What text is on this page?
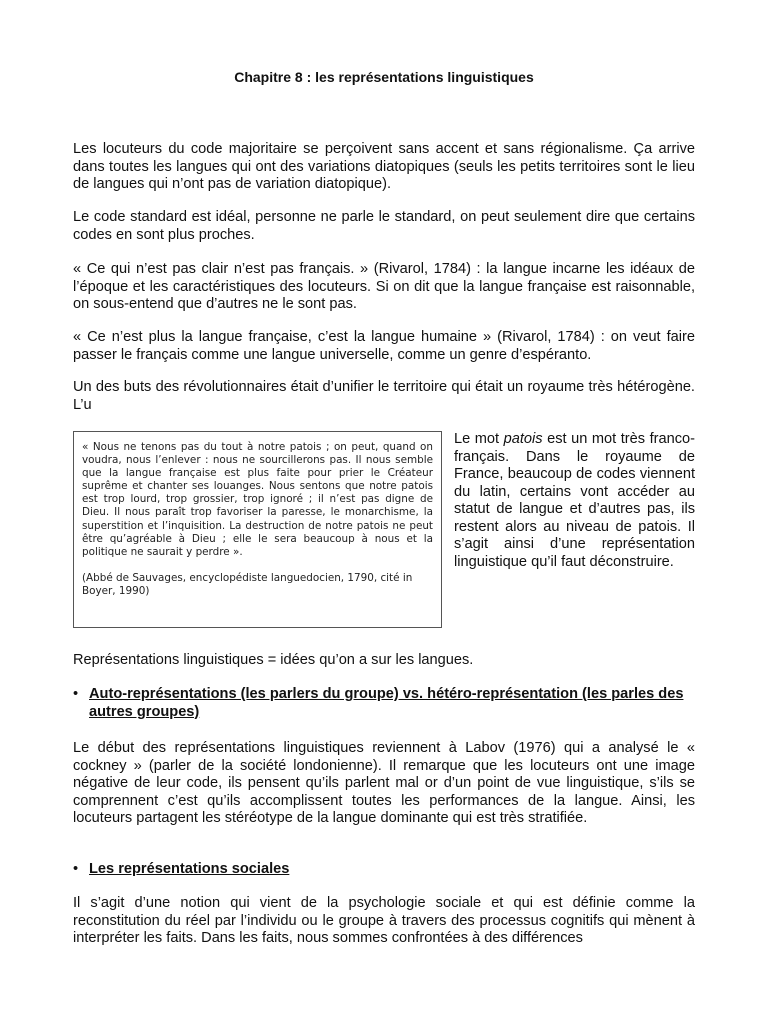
Chapitre 8 : les représentations linguistiques

Les locuteurs du code majoritaire se perçoivent sans accent et sans régionalisme. Ça arrive dans toutes les langues qui ont des variations diatopiques (seuls les petits territoires sont le lieu de langues qui n’ont pas de variation diatopique).

Le code standard est idéal, personne ne parle le standard, on peut seulement dire que certains codes en sont plus proches.

« Ce qui n’est pas clair n’est pas français. » (Rivarol, 1784) : la langue incarne les idéaux de l’époque et les caractéristiques des locuteurs. Si on dit que la langue française est raisonnable, on sous-entend que d’autres ne le sont pas.

« Ce n’est plus la langue française, c’est la langue humaine » (Rivarol, 1784) : on veut faire passer le français comme une langue universelle, comme un genre d’espéranto.

Un des buts des révolutionnaires était d’unifier le territoire qui était un royaume très hétérogène. L’u

« Nous ne tenons pas du tout à notre patois ; on peut, quand on voudra, nous l’enlever : nous ne sourcillerons pas. Il nous semble que la langue française est plus faite pour prier le Créateur suprême et chanter ses louanges. Nous sentons que notre patois est trop lourd, trop grossier, trop ignoré ; il n’est pas digne de Dieu. Il nous paraît trop favoriser la paresse, le monarchisme, la superstition et l’inquisition. La destruction de notre patois ne peut être qu’agréable à Dieu ; elle le sera beaucoup à nous et la politique ne saurait y perdre ».

(Abbé de Sauvages, encyclopédiste languedocien, 1790, cité in Boyer, 1990)

Le mot patois est un mot très franco-français. Dans le royaume de France, beaucoup de codes viennent du latin, certains vont accéder au statut de langue et d’autres pas, ils restent alors au niveau de patois. Il s’agit ainsi d’une représentation linguistique qu’il faut déconstruire.

Représentations linguistiques = idées qu’on a sur les langues.

• Auto-représentations (les parlers du groupe) vs. hétéro-représentation (les parles des autres groupes)

Le début des représentations linguistiques reviennent à Labov (1976) qui a analysé le « cockney » (parler de la société londonienne). Il remarque que les locuteurs ont une image négative de leur code, ils pensent qu’ils parlent mal or d’un point de vue linguistique, s’ils se comprennent c’est qu’ils accomplissent toutes les performances de la langue. Ainsi, les locuteurs partagent les stéréotype de la langue dominante qui est très stratifiée.

• Les représentations sociales

Il s’agit d’une notion qui vient de la psychologie sociale et qui est définie comme la reconstitution du réel par l’individu ou le groupe à travers des processus cognitifs qui mènent à interpréter les faits. Dans les faits, nous sommes confrontées à des différences
